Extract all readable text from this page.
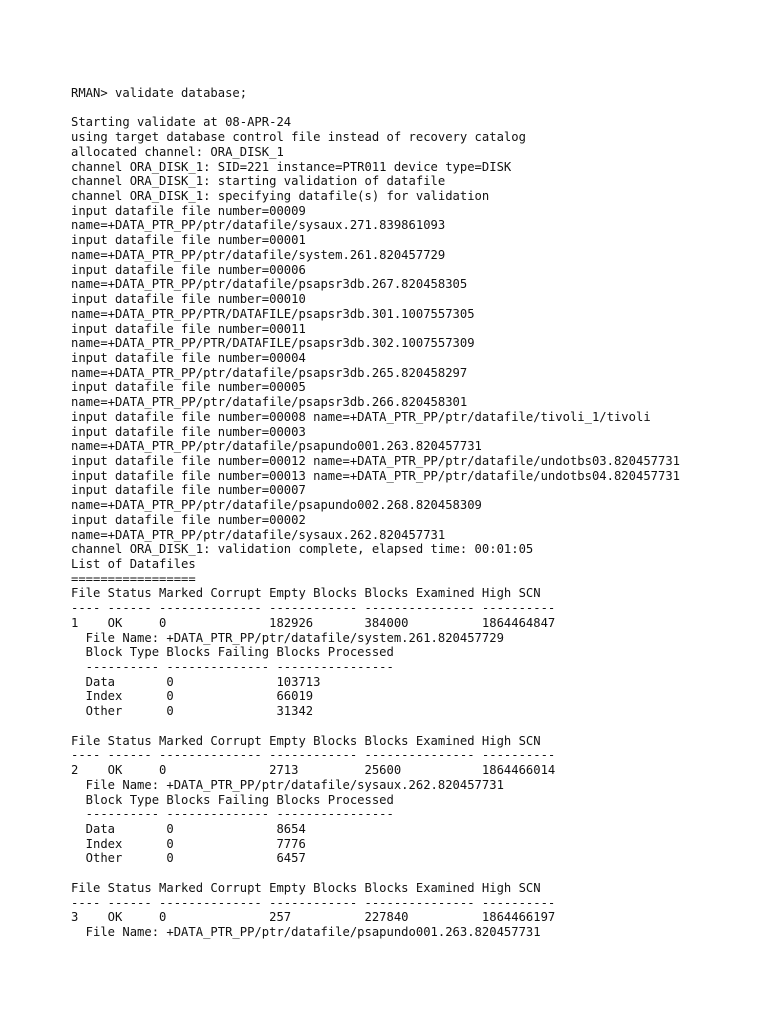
RMAN> validate database;
Starting validate at 08-APR-24
using target database control file instead of recovery catalog
allocated channel: ORA_DISK_1
channel ORA_DISK_1: SID=221 instance=PTR011 device type=DISK
channel ORA_DISK_1: starting validation of datafile
channel ORA_DISK_1: specifying datafile(s) for validation
input datafile file number=00009
name=+DATA_PTR_PP/ptr/datafile/sysaux.271.839861093
input datafile file number=00001
name=+DATA_PTR_PP/ptr/datafile/system.261.820457729
input datafile file number=00006
name=+DATA_PTR_PP/ptr/datafile/psapsr3db.267.820458305
input datafile file number=00010
name=+DATA_PTR_PP/PTR/DATAFILE/psapsr3db.301.1007557305
input datafile file number=00011
name=+DATA_PTR_PP/PTR/DATAFILE/psapsr3db.302.1007557309
input datafile file number=00004
name=+DATA_PTR_PP/ptr/datafile/psapsr3db.265.820458297
input datafile file number=00005
name=+DATA_PTR_PP/ptr/datafile/psapsr3db.266.820458301
input datafile file number=00008 name=+DATA_PTR_PP/ptr/datafile/tivoli_1/tivoli
input datafile file number=00003
name=+DATA_PTR_PP/ptr/datafile/psapundo001.263.820457731
input datafile file number=00012 name=+DATA_PTR_PP/ptr/datafile/undotbs03.820457731
input datafile file number=00013 name=+DATA_PTR_PP/ptr/datafile/undotbs04.820457731
input datafile file number=00007
name=+DATA_PTR_PP/ptr/datafile/psapundo002.268.820458309
input datafile file number=00002
name=+DATA_PTR_PP/ptr/datafile/sysaux.262.820457731
channel ORA_DISK_1: validation complete, elapsed time: 00:01:05
List of Datafiles
=================
File Status Marked Corrupt Empty Blocks Blocks Examined High SCN
---- ------ -------------- ------------ --------------- ----------
1    OK     0              182926       384000          1864464847
File Name: +DATA_PTR_PP/ptr/datafile/system.261.820457729
Block Type Blocks Failing Blocks Processed
---------- -------------- ----------------
Data       0              103713
Index      0              66019
Other      0              31342
File Status Marked Corrupt Empty Blocks Blocks Examined High SCN
---- ------ -------------- ------------ --------------- ----------
2    OK     0              2713         25600           1864466014
File Name: +DATA_PTR_PP/ptr/datafile/sysaux.262.820457731
Block Type Blocks Failing Blocks Processed
---------- -------------- ----------------
Data       0              8654
Index      0              7776
Other      0              6457
File Status Marked Corrupt Empty Blocks Blocks Examined High SCN
---- ------ -------------- ------------ --------------- ----------
3    OK     0              257          227840          1864466197
File Name: +DATA_PTR_PP/ptr/datafile/psapundo001.263.820457731
